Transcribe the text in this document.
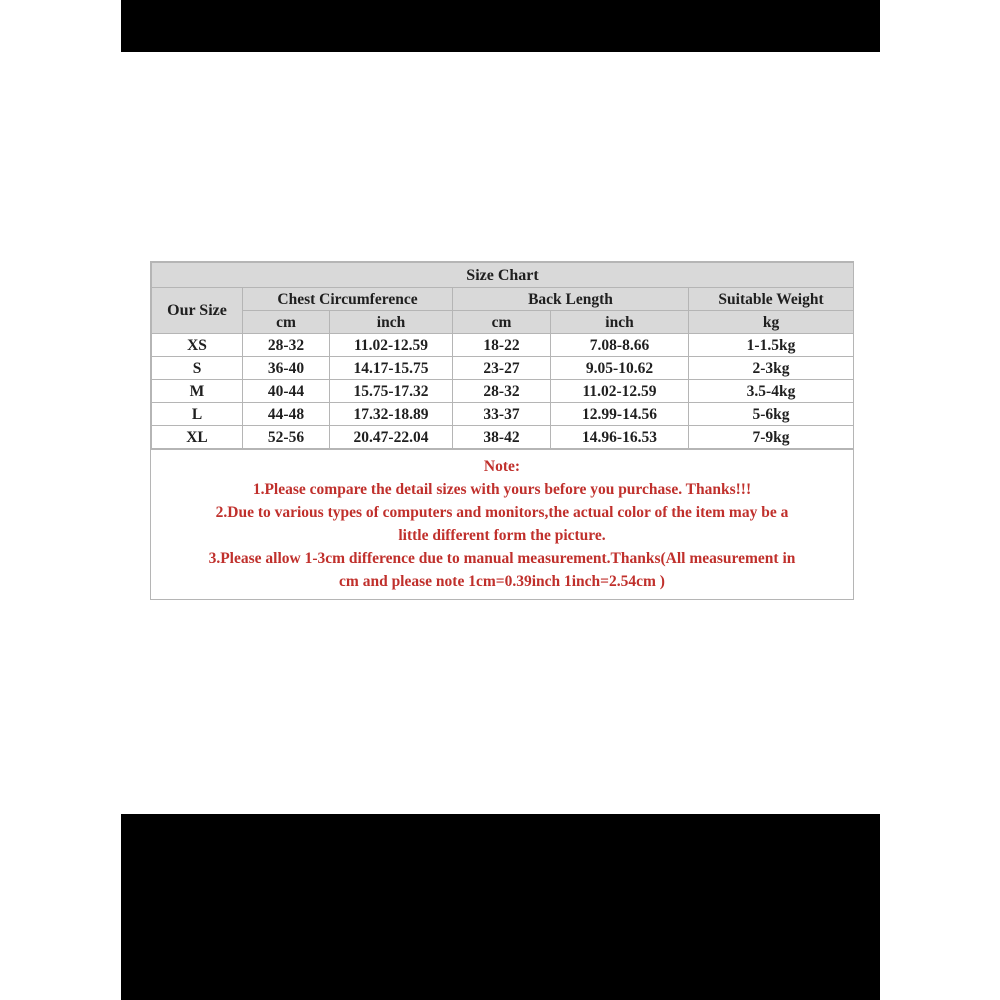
Size Chart					
Our Size	Chest Circumference		Back Length		Suitable Weight
	cm	inch	cm	inch	kg
XS	28-32	11.02-12.59	18-22	7.08-8.66	1-1.5kg
S	36-40	14.17-15.75	23-27	9.05-10.62	2-3kg
M	40-44	15.75-17.32	28-32	11.02-12.59	3.5-4kg
L	44-48	17.32-18.89	33-37	12.99-14.56	5-6kg
XL	52-56	20.47-22.04	38-42	14.96-16.53	7-9kg
Note:
1.Please compare the detail sizes with yours before you purchase. Thanks!!!
2.Due to various types of computers and monitors,the actual color of the item may be a
little different form the picture.
3.Please allow 1-3cm difference due to manual measurement.Thanks(All measurement in
cm and please note 1cm=0.39inch 1inch=2.54cm )
